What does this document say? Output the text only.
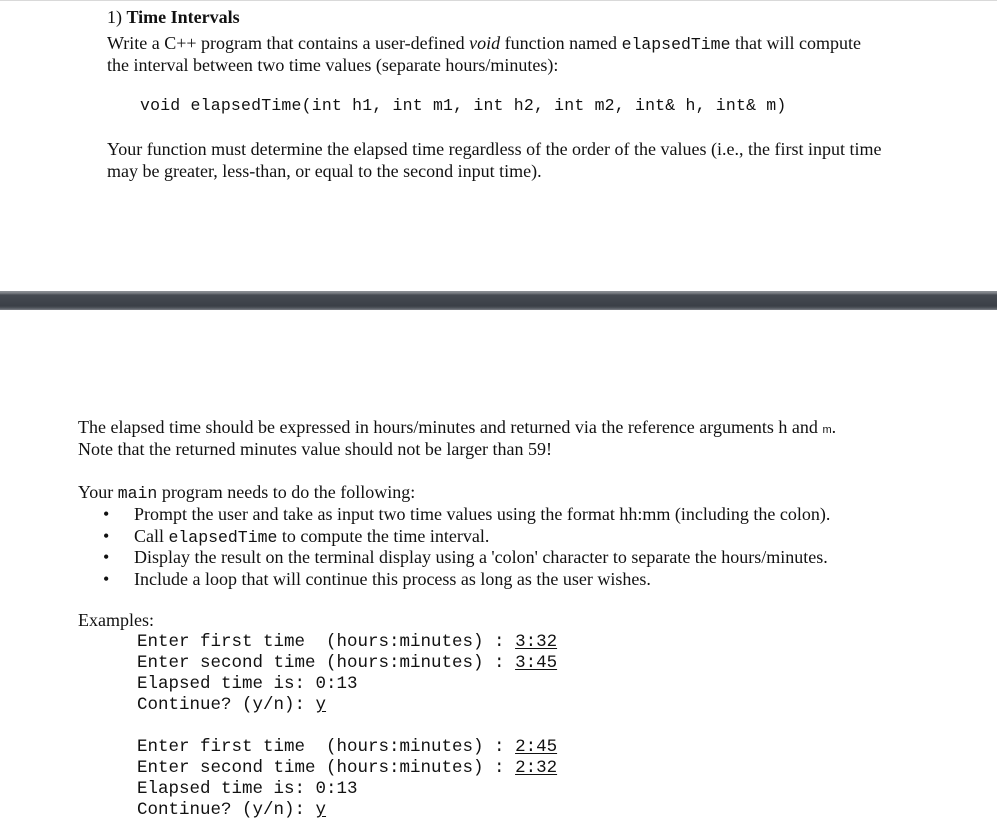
1) Time Intervals
Write a C++ program that contains a user-defined void function named elapsedTime that will compute
the interval between two time values (separate hours/minutes):
void elapsedTime(int h1, int m1, int h2, int m2, int& h, int& m)
Your function must determine the elapsed time regardless of the order of the values (i.e., the first input time
may be greater, less-than, or equal to the second input time).
The elapsed time should be expressed in hours/minutes and returned via the reference arguments h and m.
Note that the returned minutes value should not be larger than 59!
Your main program needs to do the following:
• Prompt the user and take as input two time values using the format hh:mm (including the colon).
• Call elapsedTime to compute the time interval.
• Display the result on the terminal display using a 'colon' character to separate the hours/minutes.
• Include a loop that will continue this process as long as the user wishes.
Examples:
Enter first time  (hours:minutes) : 3:32
Enter second time (hours:minutes) : 3:45
Elapsed time is: 0:13
Continue? (y/n): y
Enter first time  (hours:minutes) : 2:45
Enter second time (hours:minutes) : 2:32
Elapsed time is: 0:13
Continue? (y/n): y
